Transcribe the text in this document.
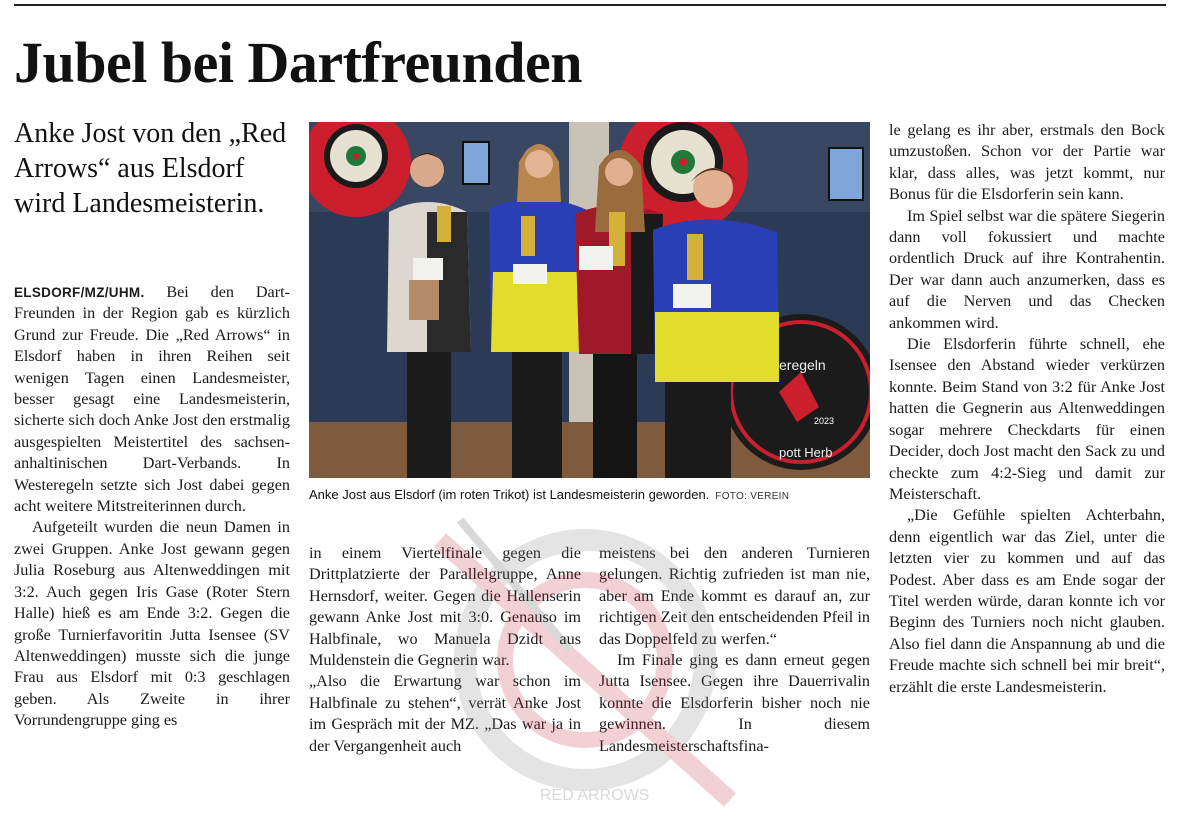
Jubel bei Dartfreunden

Anke Jost von den „Red Arrows“ aus Elsdorf wird Landesmeisterin.

ELSDORF/MZ/UHM. Bei den Dart-Freunden in der Region gab es kürzlich Grund zur Freude. Die „Red Arrows“ in Elsdorf haben in ihren Reihen seit wenigen Tagen einen Landesmeister, besser gesagt eine Landesmeisterin, sicherte sich doch Anke Jost den erstmalig ausgespielten Meistertitel des sachsen-anhaltinischen Dart-Verbands. In Westeregeln setzte sich Jost dabei gegen acht weitere Mitstreiterinnen durch.

Aufgeteilt wurden die neun Damen in zwei Gruppen. Anke Jost gewann gegen Julia Roseburg aus Altenweddingen mit 3:2. Auch gegen Iris Gase (Roter Stern Halle) hieß es am Ende 3:2. Gegen die große Turnierfavoritin Jutta Isensee (SV Altenweddingen) musste sich die junge Frau aus Elsdorf mit 0:3 geschlagen geben. Als Zweite in ihrer Vorrundengruppe ging es

eregeln
pott Herb
2023
Anke Jost aus Elsdorf (im roten Trikot) ist Landesmeisterin geworden. FOTO: VEREIN

in einem Viertelfinale gegen die Drittplatzierte der Parallelgruppe, Anne Hernsdorf, weiter. Gegen die Hallenserin gewann Anke Jost mit 3:0. Genauso im Halbfinale, wo Manuela Dzidt aus Muldenstein die Gegnerin war.

„Also die Erwartung war schon im Halbfinale zu stehen“, verrät Anke Jost im Gespräch mit der MZ. „Das war ja in der Vergangenheit auch

meistens bei den anderen Turnieren gelungen. Richtig zufrieden ist man nie, aber am Ende kommt es darauf an, zur richtigen Zeit den entscheidenden Pfeil in das Doppelfeld zu werfen.“

Im Finale ging es dann erneut gegen Jutta Isensee. Gegen ihre Dauerrivalin konnte die Elsdorferin bisher noch nie gewinnen. In diesem Landesmeisterschaftsfina-

le gelang es ihr aber, erstmals den Bock umzustoßen. Schon vor der Partie war klar, dass alles, was jetzt kommt, nur Bonus für die Elsdorferin sein kann.

Im Spiel selbst war die spätere Siegerin dann voll fokussiert und machte ordentlich Druck auf ihre Kontrahentin. Der war dann auch anzumerken, dass es auf die Nerven und das Checken ankommen wird.

Die Elsdorferin führte schnell, ehe Isensee den Abstand wieder verkürzen konnte. Beim Stand von 3:2 für Anke Jost hatten die Gegnerin aus Altenweddingen sogar mehrere Checkdarts für einen Decider, doch Jost macht den Sack zu und checkte zum 4:2-Sieg und damit zur Meisterschaft.

„Die Gefühle spielten Achterbahn, denn eigentlich war das Ziel, unter die letzten vier zu kommen und auf das Podest. Aber dass es am Ende sogar der Titel werden würde, daran konnte ich vor Beginn des Turniers noch nicht glauben. Also fiel dann die Anspannung ab und die Freude machte sich schnell bei mir breit“, erzählt die erste Landesmeisterin.

RED ARROWS
